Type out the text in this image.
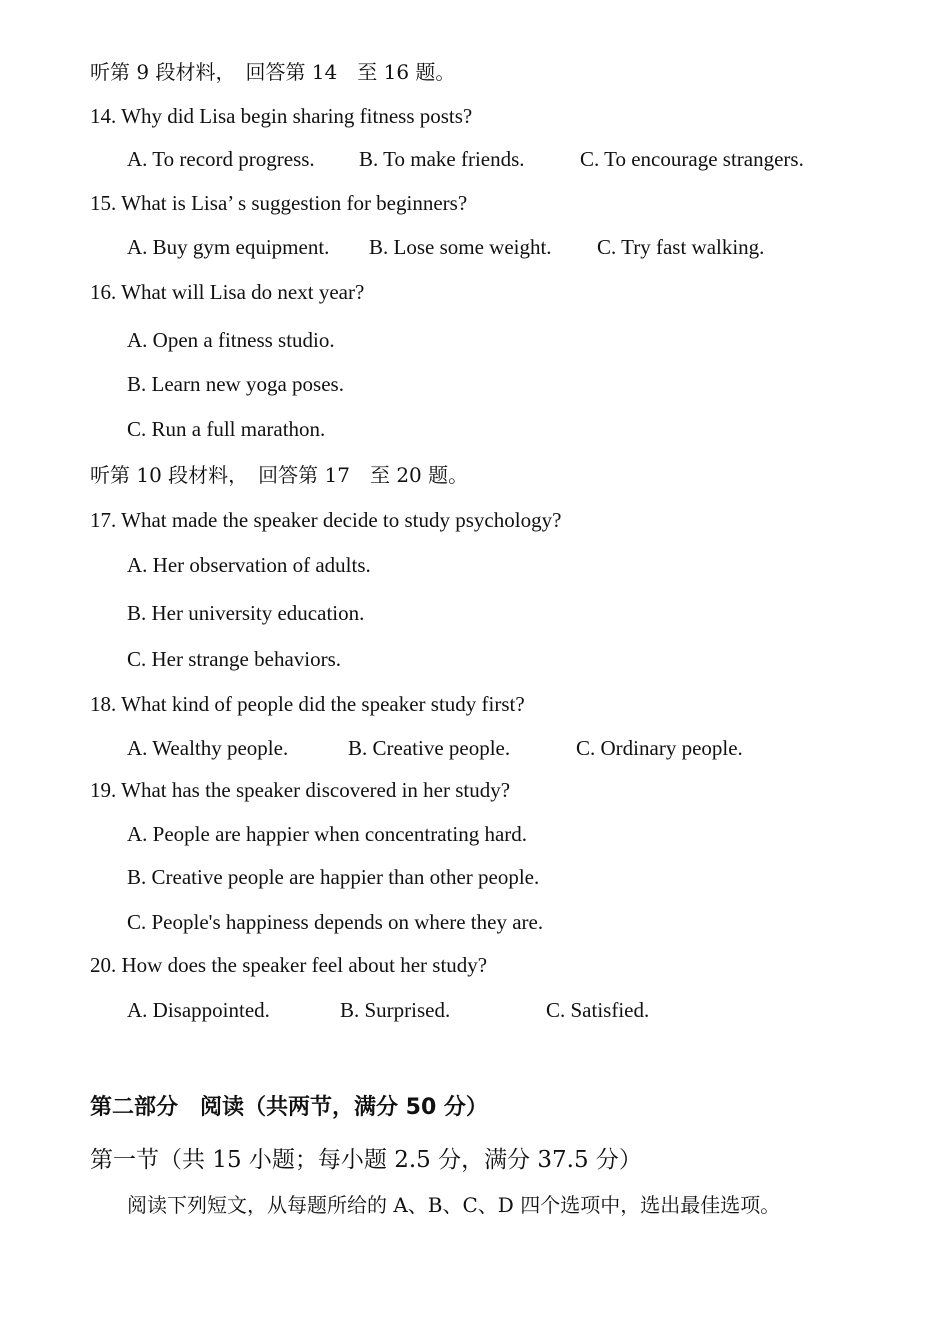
听第 9 段材料，　回答第 14　至 16 题。
14. Why did Lisa begin sharing fitness posts?
A. To record progress. B. To make friends.	C. To encourage strangers.
15. What is Lisa’ s suggestion for beginners?
A. Buy gym equipment. B. Lose some weight. C. Try fast walking.
16. What will Lisa do next year?
A. Open a fitness studio.
B. Learn new yoga poses.
C. Run a full marathon.
听第 10 段材料，　回答第 17　至 20 题。
17. What made the speaker decide to study psychology?
A. Her observation of adults.
B. Her university education.
C. Her strange behaviors.
18. What kind of people did the speaker study first?
A. Wealthy people.	B. Creative people.	C. Ordinary people.
19. What has the speaker discovered in her study?
A. People are happier when concentrating hard.
B. Creative people are happier than other people.
C. People's happiness depends on where they are.
20. How does the speaker feel about her study?
A. Disappointed.	B. Surprised.	C. Satisfied.
第二部分　阅读（共两节，满分 50 分）
第一节（共 15 小题；每小题 2.5 分，满分 37.5 分）
阅读下列短文，从每题所给的 A、B、C、D 四个选项中，选出最佳选项。
